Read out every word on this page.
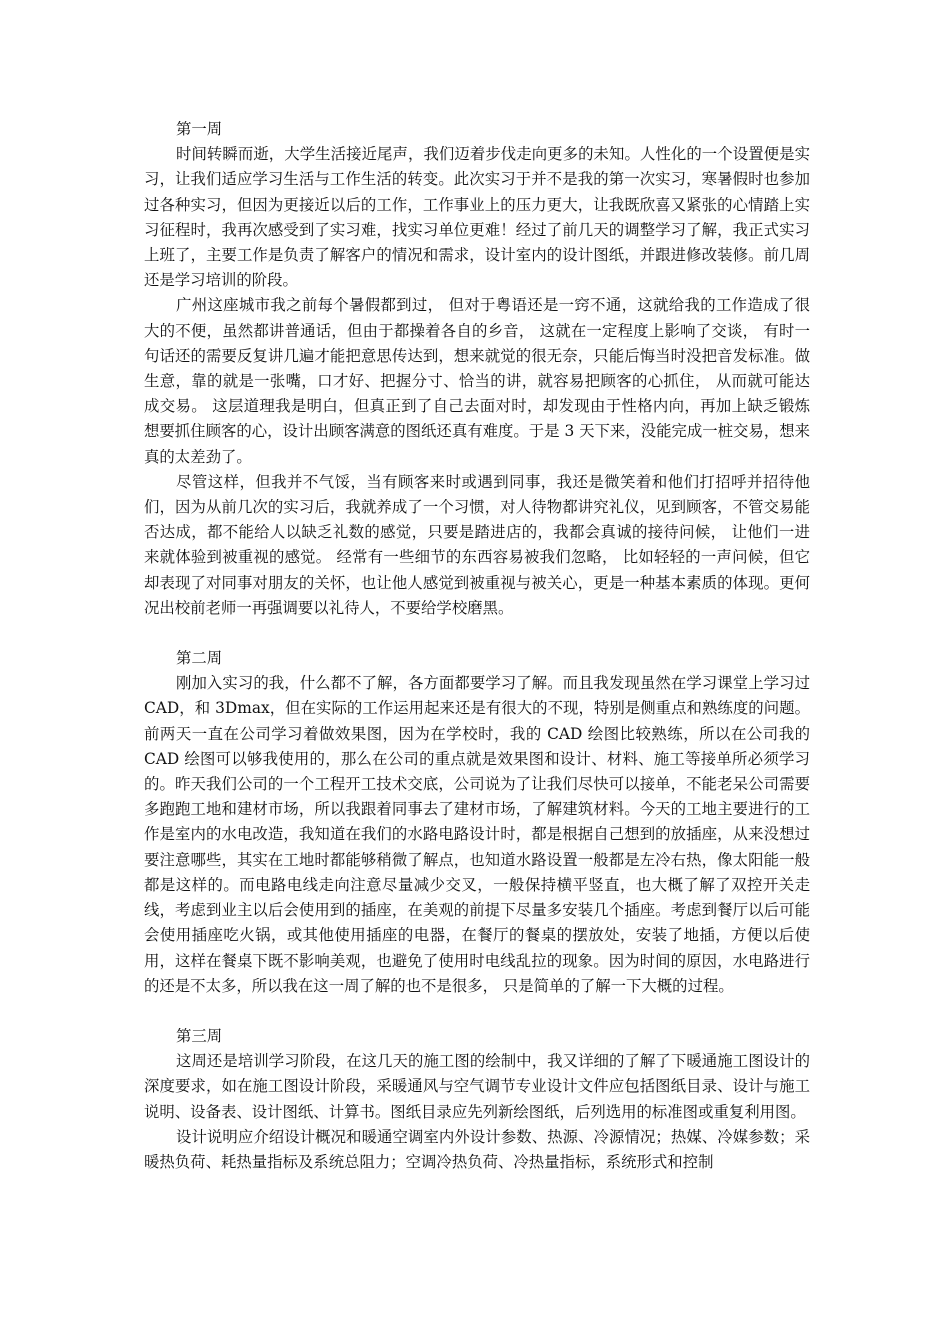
第一周

时间转瞬而逝，大学生活接近尾声，我们迈着步伐走向更多的未知。人性化的一个设置便是实习，让我们适应学习生活与工作生活的转变。此次实习于并不是我的第一次实习，寒暑假时也参加过各种实习，但因为更接近以后的工作，工作事业上的压力更大，让我既欣喜又紧张的心情踏上实习征程时，我再次感受到了实习难，找实习单位更难！经过了前几天的调整学习了解，我正式实习上班了，主要工作是负责了解客户的情况和需求，设计室内的设计图纸，并跟进修改装修。前几周还是学习培训的阶段。

广州这座城市我之前每个暑假都到过， 但对于粤语还是一窍不通，这就给我的工作造成了很大的不便，虽然都讲普通话，但由于都操着各自的乡音， 这就在一定程度上影响了交谈， 有时一句话还的需要反复讲几遍才能把意思传达到，想来就觉的很无奈，只能后悔当时没把音发标准。做生意，靠的就是一张嘴，口才好、把握分寸、恰当的讲，就容易把顾客的心抓住， 从而就可能达成交易。 这层道理我是明白，但真正到了自己去面对时，却发现由于性格内向，再加上缺乏锻炼想要抓住顾客的心，设计出顾客满意的图纸还真有难度。于是 3 天下来，没能完成一桩交易，想来真的太差劲了。

尽管这样，但我并不气馁，当有顾客来时或遇到同事，我还是微笑着和他们打招呼并招待他们，因为从前几次的实习后，我就养成了一个习惯，对人待物都讲究礼仪，见到顾客，不管交易能否达成，都不能给人以缺乏礼数的感觉，只要是踏进店的，我都会真诚的接待问候， 让他们一进来就体验到被重视的感觉。 经常有一些细节的东西容易被我们忽略， 比如轻轻的一声问候，但它却表现了对同事对朋友的关怀，也让他人感觉到被重视与被关心，更是一种基本素质的体现。更何况出校前老师一再强调要以礼待人，不要给学校磨黑。

第二周

刚加入实习的我，什么都不了解，各方面都要学习了解。而且我发现虽然在学习课堂上学习过 CAD，和 3Dmax，但在实际的工作运用起来还是有很大的不现，特别是侧重点和熟练度的问题。前两天一直在公司学习着做效果图，因为在学校时，我的 CAD 绘图比较熟练，所以在公司我的 CAD 绘图可以够我使用的，那么在公司的重点就是效果图和设计、材料、施工等接单所必须学习的。昨天我们公司的一个工程开工技术交底，公司说为了让我们尽快可以接单，不能老呆公司需要多跑跑工地和建材市场，所以我跟着同事去了建材市场，了解建筑材料。今天的工地主要进行的工作是室内的水电改造，我知道在我们的水路电路设计时，都是根据自己想到的放插座，从来没想过要注意哪些，其实在工地时都能够稍微了解点，也知道水路设置一般都是左冷右热，像太阳能一般都是这样的。而电路电线走向注意尽量减少交叉，一般保持横平竖直，也大概了解了双控开关走线，考虑到业主以后会使用到的插座，在美观的前提下尽量多安装几个插座。考虑到餐厅以后可能会使用插座吃火锅，或其他使用插座的电器，在餐厅的餐桌的摆放处，安装了地插，方便以后使用，这样在餐桌下既不影响美观，也避免了使用时电线乱拉的现象。因为时间的原因，水电路进行的还是不太多，所以我在这一周了解的也不是很多， 只是简单的了解一下大概的过程。

第三周

这周还是培训学习阶段，在这几天的施工图的绘制中，我又详细的了解了下暖通施工图设计的深度要求，如在施工图设计阶段，采暖通风与空气调节专业设计文件应包括图纸目录、设计与施工说明、设备表、设计图纸、计算书。图纸目录应先列新绘图纸，后列选用的标准图或重复利用图。

设计说明应介绍设计概况和暖通空调室内外设计参数、热源、冷源情况；热媒、冷媒参数；采暖热负荷、耗热量指标及系统总阻力；空调冷热负荷、冷热量指标，系统形式和控制
